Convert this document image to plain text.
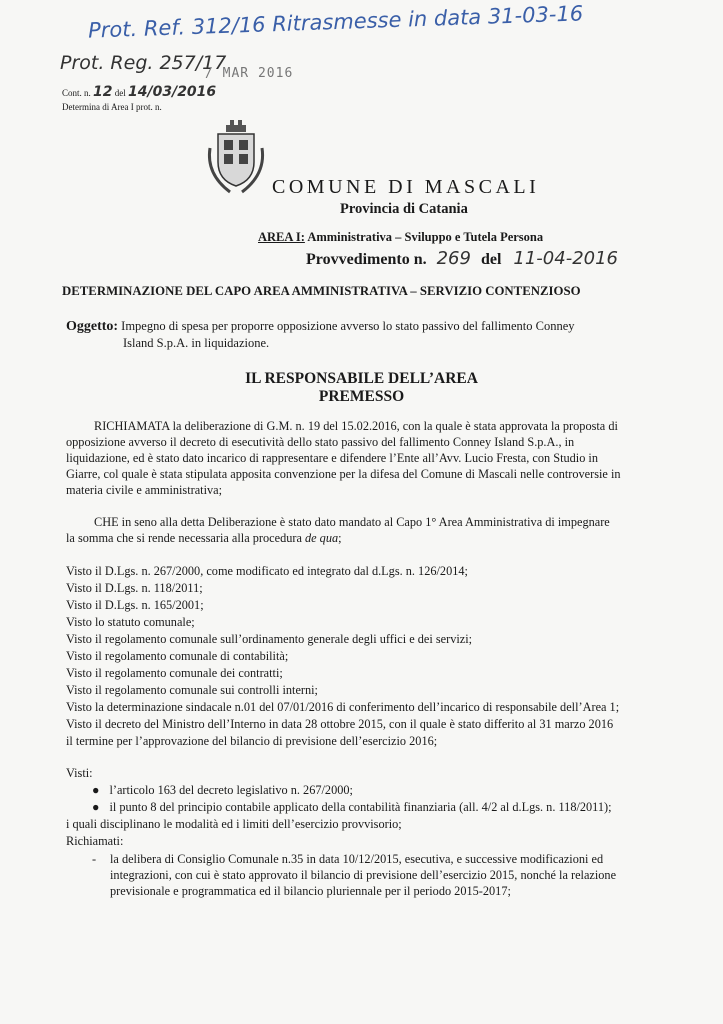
Prot. Ref. 312/16 Ritrasmesse in data 31-03-16
Prot. Reg. 257/17
/ MAR 2016
Cont. n. 12 del 14/03/2016
Determina di Area I prot. n.
COMUNE DI MASCALI
Provincia di Catania
AREA I: Amministrativa – Sviluppo e Tutela Persona
Provvedimento n. 269 del 11-04-2016
DETERMINAZIONE DEL CAPO AREA AMMINISTRATIVA – SERVIZIO CONTENZIOSO
Oggetto: Impegno di spesa per proporre opposizione avverso lo stato passivo del fallimento Conney
Island S.p.A. in liquidazione.
IL RESPONSABILE DELL’AREA
PREMESSO
RICHIAMATA la deliberazione di G.M. n. 19 del 15.02.2016, con la quale è stata approvata la proposta di
opposizione avverso il decreto di esecutività dello stato passivo del fallimento Conney Island S.p.A., in
liquidazione, ed è stato dato incarico di rappresentare e difendere l’Ente all’Avv. Lucio Fresta, con Studio in
Giarre, col quale è stata stipulata apposita convenzione per la difesa del Comune di Mascali nelle controversie in
materia civile e amministrativa;
CHE in seno alla detta Deliberazione è stato dato mandato al Capo 1° Area Amministrativa di impegnare
la somma che si rende necessaria alla procedura de qua;
Visto il D.Lgs. n. 267/2000, come modificato ed integrato dal d.Lgs. n. 126/2014;
Visto il D.Lgs. n. 118/2011;
Visto il D.Lgs. n. 165/2001;
Visto lo statuto comunale;
Visto il regolamento comunale sull’ordinamento generale degli uffici e dei servizi;
Visto il regolamento comunale di contabilità;
Visto il regolamento comunale dei contratti;
Visto il regolamento comunale sui controlli interni;
Visto la determinazione sindacale n.01 del 07/01/2016 di conferimento dell’incarico di responsabile dell’Area 1;
Visto il decreto del Ministro dell’Interno in data 28 ottobre 2015, con il quale è stato differito al 31 marzo 2016
il termine per l’approvazione del bilancio di previsione dell’esercizio 2016;
Visti:
● l’articolo 163 del decreto legislativo n. 267/2000;
● il punto 8 del principio contabile applicato della contabilità finanziaria (all. 4/2 al d.Lgs. n. 118/2011);
i quali disciplinano le modalità ed i limiti dell’esercizio provvisorio;
Richiamati:
- la delibera di Consiglio Comunale n.35 in data 10/12/2015, esecutiva, e successive modificazioni ed
integrazioni, con cui è stato approvato il bilancio di previsione dell’esercizio 2015, nonché la relazione
previsionale e programmatica ed il bilancio pluriennale per il periodo 2015-2017;
